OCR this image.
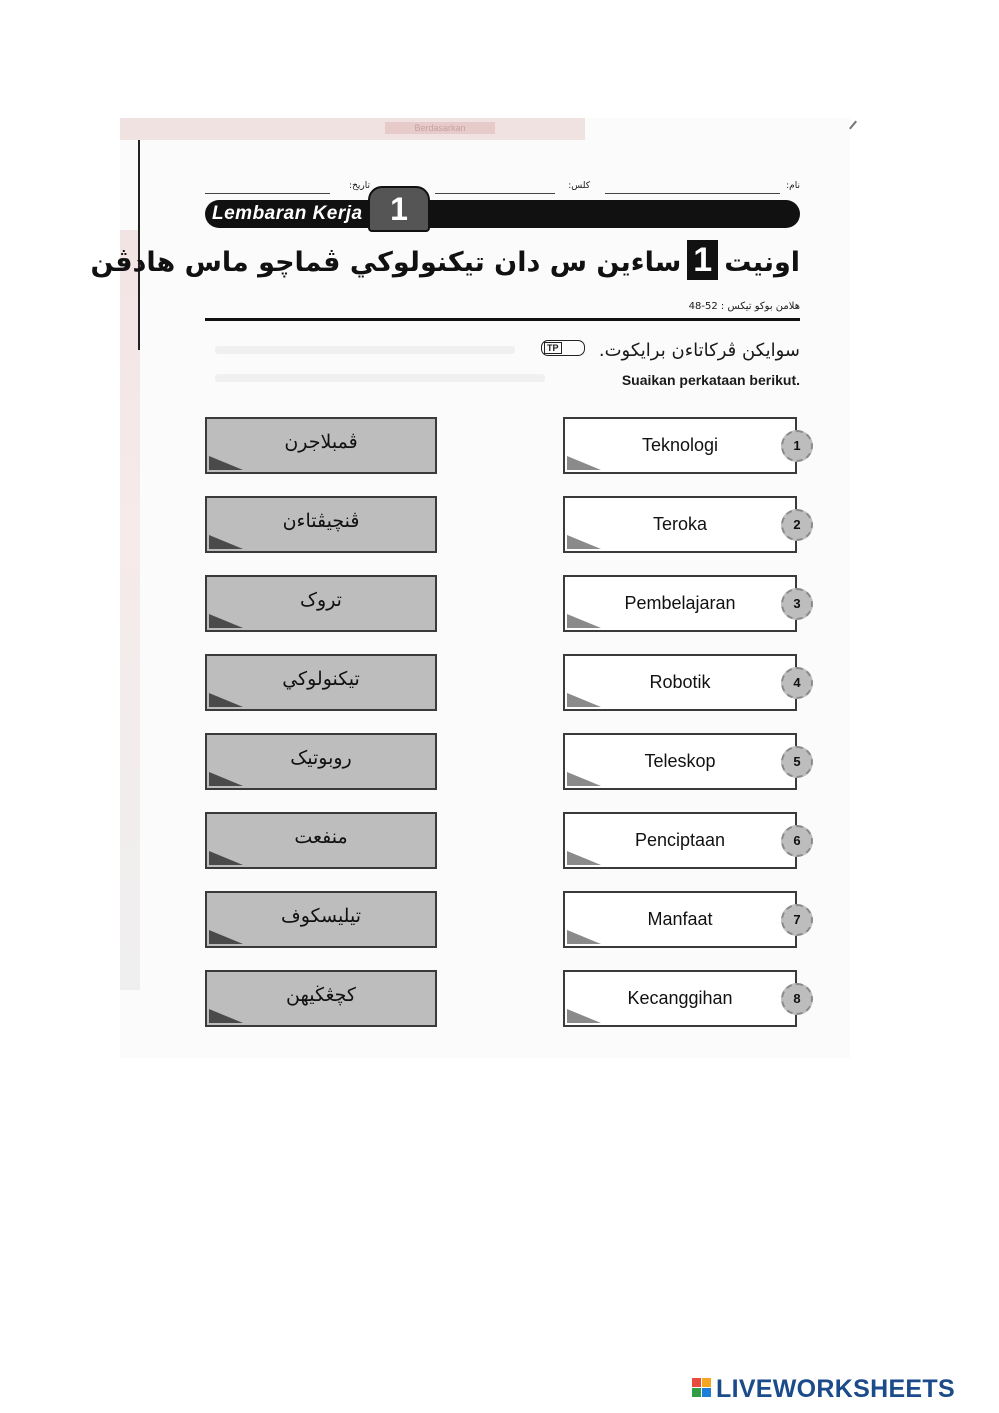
Berdasarkan
نام:
کلس:
تاريخ:
Lembaran Kerja 1
اونيت1ساءين س دان تيکنولوکي ڤماچو ماس هادڤن
هلامن بوکو تيکس : 52-48
سوايکن ڤرکاتاءن برايکوت.
TP
Suaikan perkataan berikut.
ڤمبلاجرن
ڤنچيڤتاءن
تروک
تيکنولوکي
روبوتيک
منفعت
تيليسکوف
کچڠڬيهن
Teknologi	1
Teroka	2
Pembelajaran	3
Robotik	4
Teleskop	5
Penciptaan	6
Manfaat	7
Kecanggihan	8
LIVEWORKSHEETS
